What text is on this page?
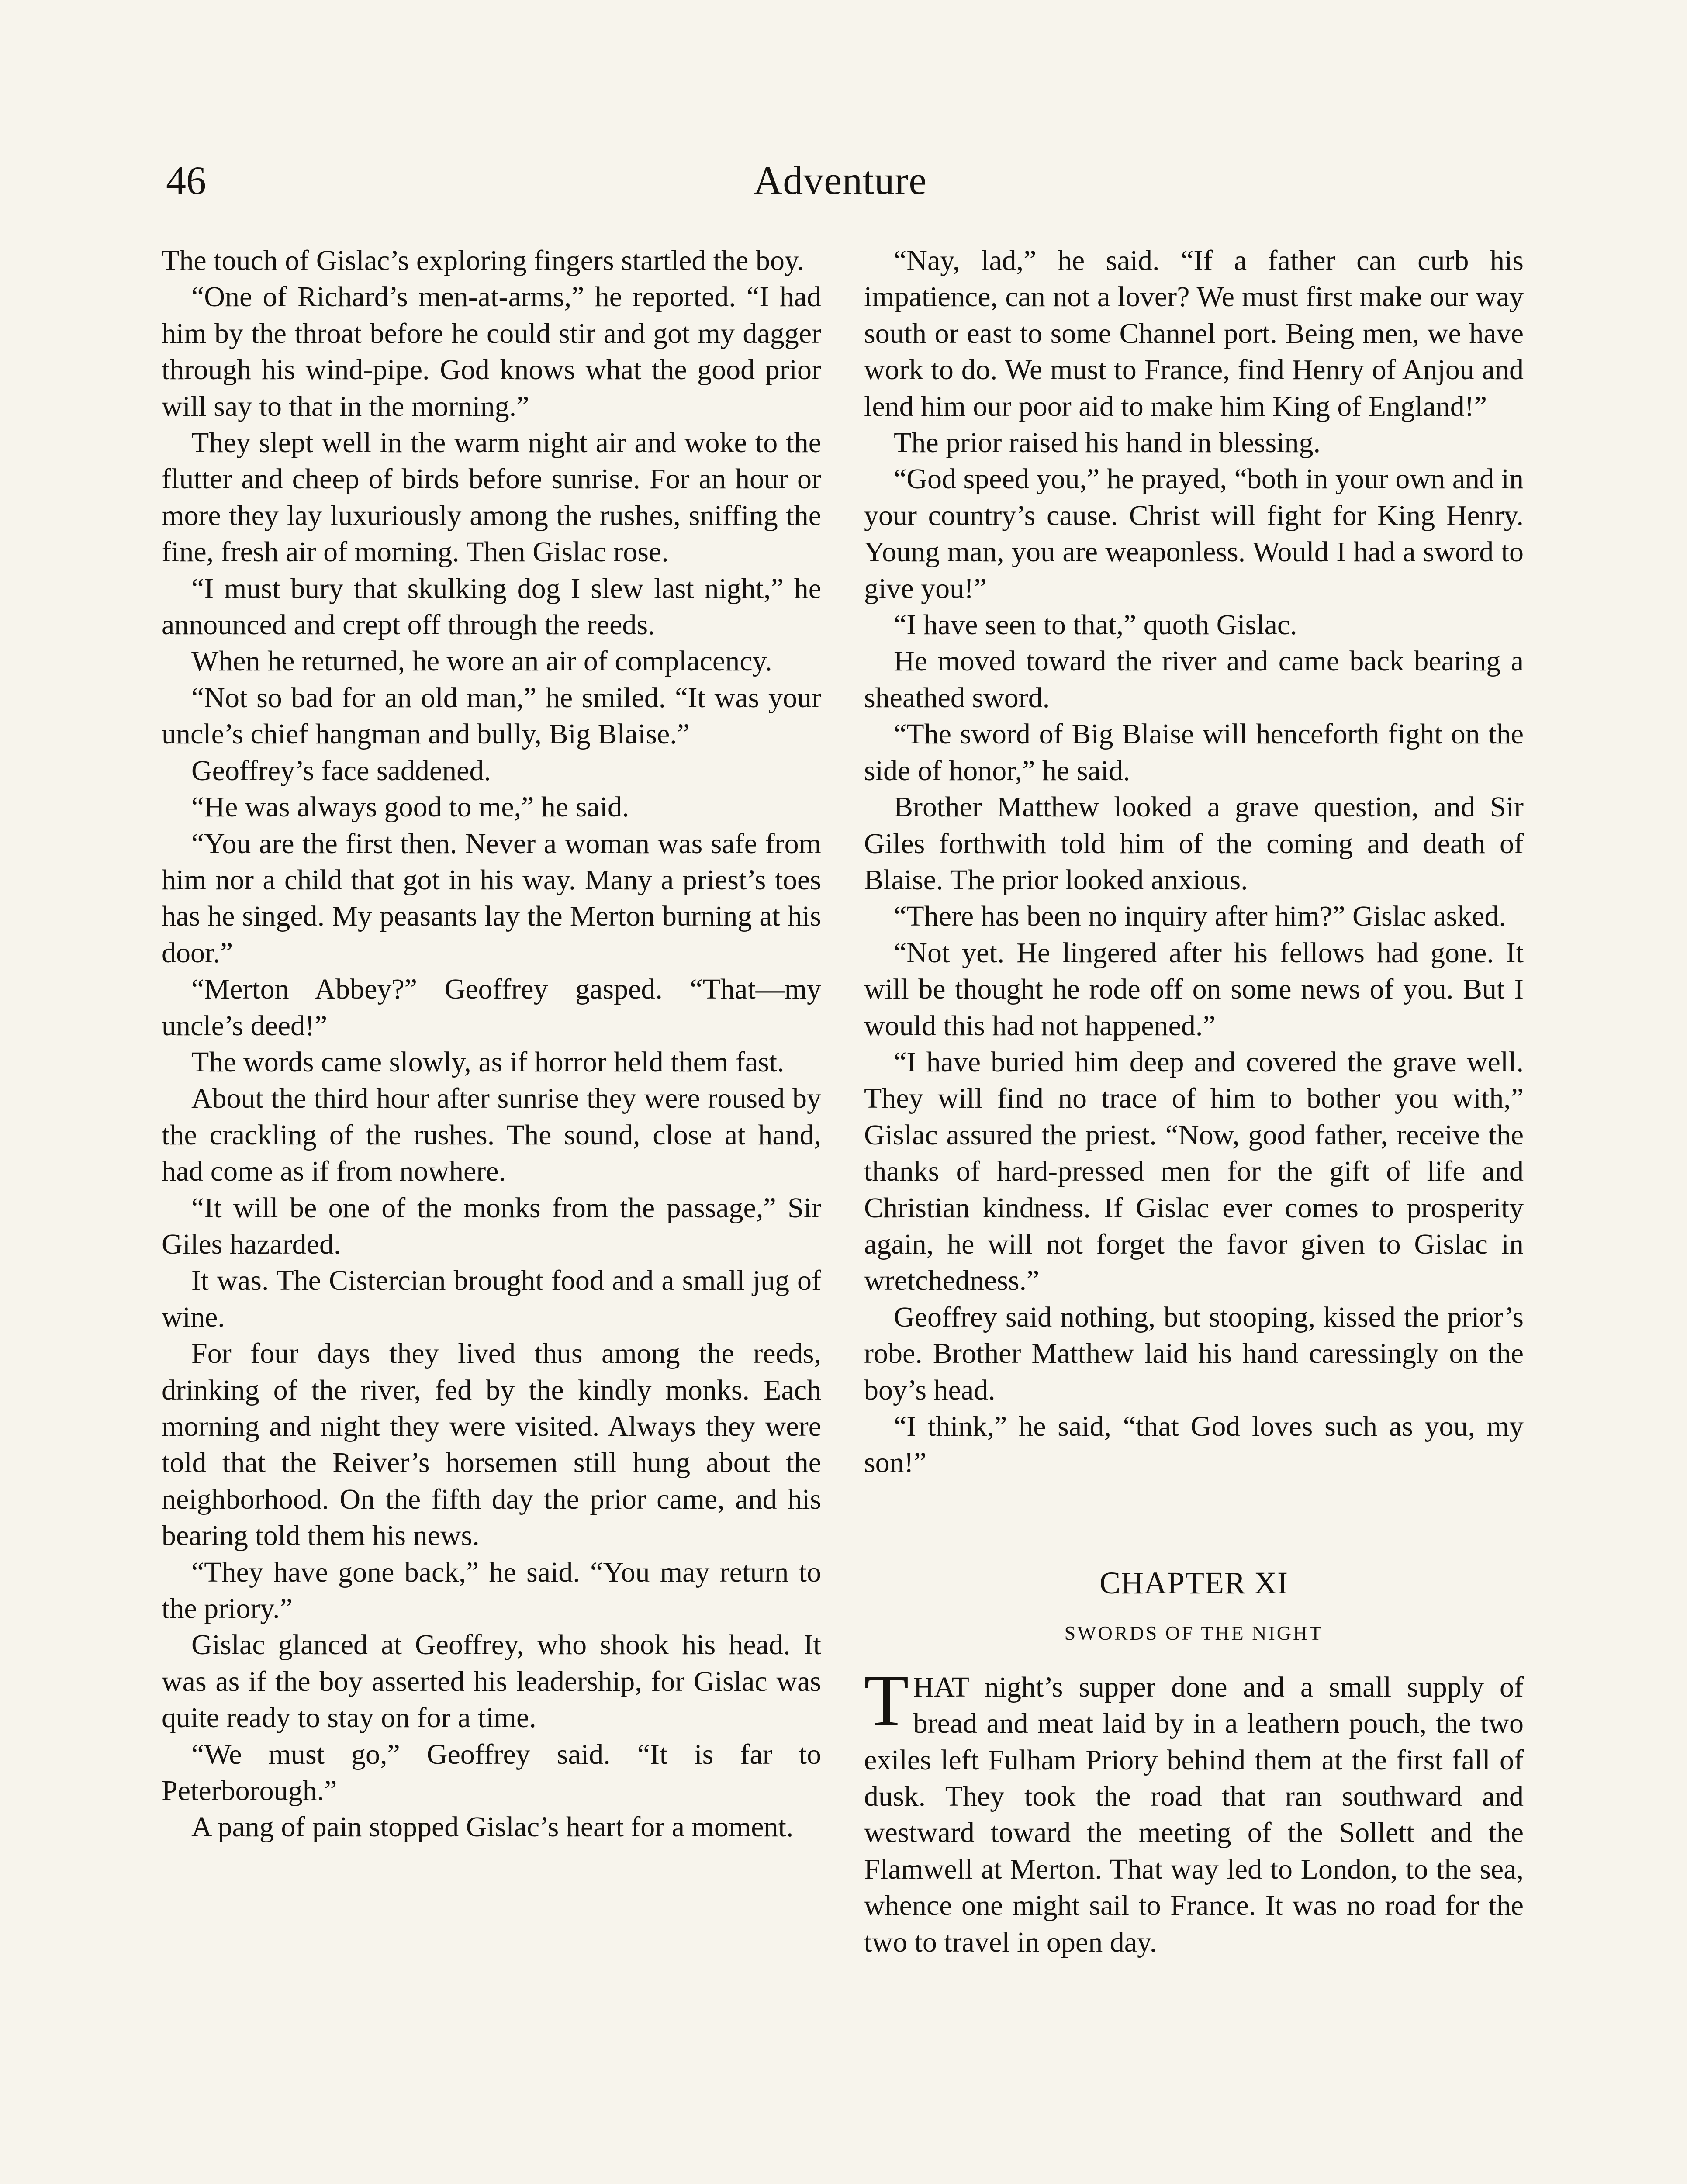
46	Adventure

The touch of Gislac’s exploring fingers startled the boy.

“One of Richard’s men-at-arms,” he reported. “I had him by the throat before he could stir and got my dagger through his wind-pipe. God knows what the good prior will say to that in the morning.”

They slept well in the warm night air and woke to the flutter and cheep of birds before sunrise. For an hour or more they lay luxuriously among the rushes, sniffing the fine, fresh air of morning. Then Gislac rose.

“I must bury that skulking dog I slew last night,” he announced and crept off through the reeds.

When he returned, he wore an air of complacency.

“Not so bad for an old man,” he smiled. “It was your uncle’s chief hangman and bully, Big Blaise.”

Geoffrey’s face saddened.

“He was always good to me,” he said.

“You are the first then. Never a woman was safe from him nor a child that got in his way. Many a priest’s toes has he singed. My peasants lay the Merton burning at his door.”

“Merton Abbey?” Geoffrey gasped. “That—my uncle’s deed!”

The words came slowly, as if horror held them fast.

About the third hour after sunrise they were roused by the crackling of the rushes. The sound, close at hand, had come as if from nowhere.

“It will be one of the monks from the passage,” Sir Giles hazarded.

It was. The Cistercian brought food and a small jug of wine.

For four days they lived thus among the reeds, drinking of the river, fed by the kindly monks. Each morning and night they were visited. Always they were told that the Reiver’s horsemen still hung about the neighborhood. On the fifth day the prior came, and his bearing told them his news.

“They have gone back,” he said. “You may return to the priory.”

Gislac glanced at Geoffrey, who shook his head. It was as if the boy asserted his leadership, for Gislac was quite ready to stay on for a time.

“We must go,” Geoffrey said. “It is far to Peterborough.”

A pang of pain stopped Gislac’s heart for a moment.

“Nay, lad,” he said. “If a father can curb his impatience, can not a lover? We must first make our way south or east to some Channel port. Being men, we have work to do. We must to France, find Henry of Anjou and lend him our poor aid to make him King of England!”

The prior raised his hand in blessing.

“God speed you,” he prayed, “both in your own and in your country’s cause. Christ will fight for King Henry. Young man, you are weaponless. Would I had a sword to give you!”

“I have seen to that,” quoth Gislac.

He moved toward the river and came back bearing a sheathed sword.

“The sword of Big Blaise will henceforth fight on the side of honor,” he said.

Brother Matthew looked a grave question, and Sir Giles forthwith told him of the coming and death of Blaise. The prior looked anxious.

“There has been no inquiry after him?” Gislac asked.

“Not yet. He lingered after his fellows had gone. It will be thought he rode off on some news of you. But I would this had not happened.”

“I have buried him deep and covered the grave well. They will find no trace of him to bother you with,” Gislac assured the priest. “Now, good father, receive the thanks of hard-pressed men for the gift of life and Christian kindness. If Gislac ever comes to prosperity again, he will not forget the favor given to Gislac in wretchedness.”

Geoffrey said nothing, but stooping, kissed the prior’s robe. Brother Matthew laid his hand caressingly on the boy’s head.

“I think,” he said, “that God loves such as you, my son!”

CHAPTER XI
SWORDS OF THE NIGHT

THAT night’s supper done and a small supply of bread and meat laid by in a leathern pouch, the two exiles left Fulham Priory behind them at the first fall of dusk. They took the road that ran southward and westward toward the meeting of the Sollett and the Flamwell at Merton. That way led to London, to the sea, whence one might sail to France. It was no road for the two to travel in open day.
